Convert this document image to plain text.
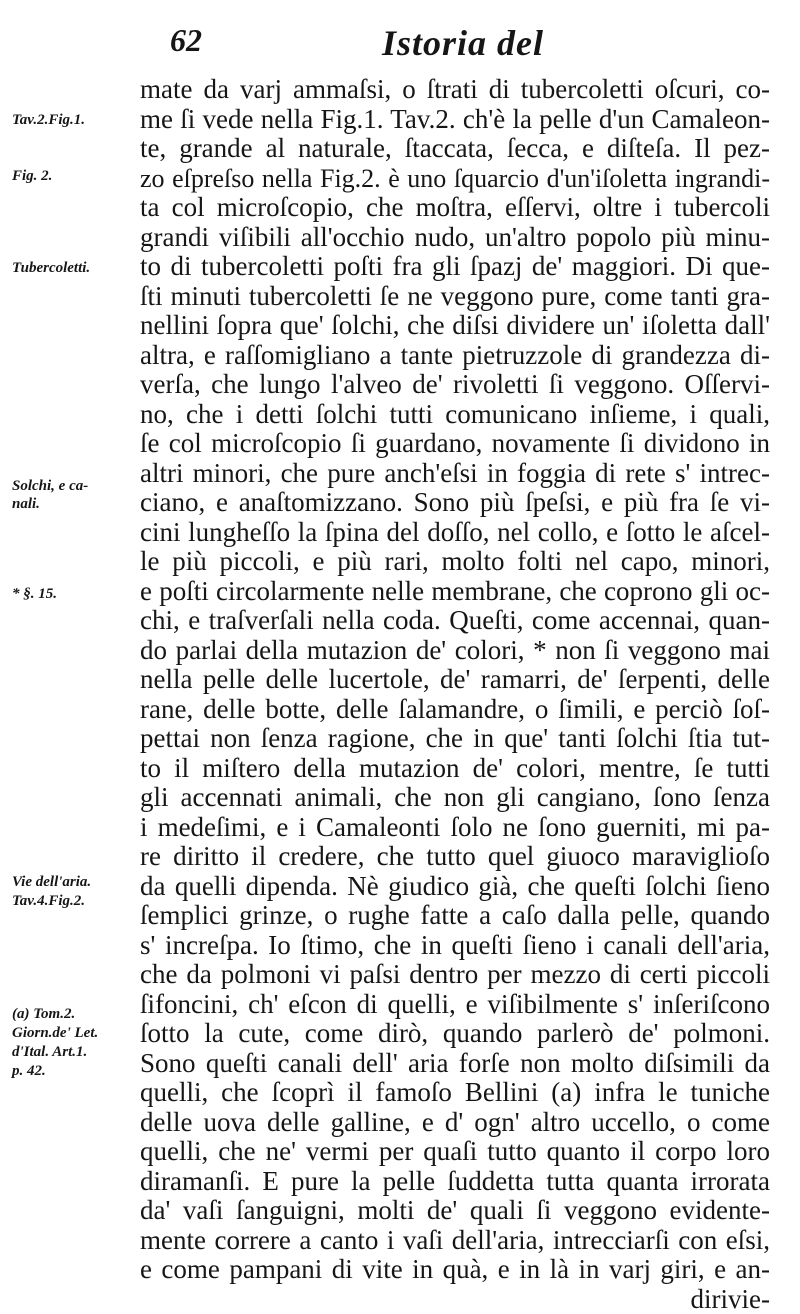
62	Istoria del
mate da varj ammaſsi, o ſtrati di tubercoletti oſcuri, co-
me ſi vede nella Fig.1. Tav.2. ch'è la pelle d'un Camaleon-
te, grande al naturale, ſtaccata, ſecca, e diſteſa. Il pez-
zo eſpreſso nella Fig.2. è uno ſquarcio d'un'iſoletta ingrandi-
ta col microſcopio, che moſtra, eſſervi, oltre i tubercoli
grandi viſibili all'occhio nudo, un'altro popolo più minu-
to di tubercoletti poſti fra gli ſpazj de' maggiori. Di que-
ſti minuti tubercoletti ſe ne veggono pure, come tanti gra-
nellini ſopra que' ſolchi, che diſsi dividere un' iſoletta dall'
altra, e raſſomigliano a tante pietruzzole di grandezza di-
verſa, che lungo l'alveo de' rivoletti ſi veggono. Oſſervi-
no, che i detti ſolchi tutti comunicano inſieme, i quali,
ſe col microſcopio ſi guardano, novamente ſi dividono in
altri minori, che pure anch'eſsi in foggia di rete s' intrec-
ciano, e anaſtomizzano. Sono più ſpeſsi, e più fra ſe vi-
cini lungheſſo la ſpina del doſſo, nel collo, e ſotto le aſcel-
le più piccoli, e più rari, molto folti nel capo, minori,
e poſti circolarmente nelle membrane, che coprono gli oc-
chi, e traſverſali nella coda. Queſti, come accennai, quan-
do parlai della mutazion de' colori, * non ſi veggono mai
nella pelle delle lucertole, de' ramarri, de' ſerpenti, delle
rane, delle botte, delle ſalamandre, o ſimili, e perciò ſoſ-
pettai non ſenza ragione, che in que' tanti ſolchi ſtia tut-
to il miſtero della mutazion de' colori, mentre, ſe tutti
gli accennati animali, che non gli cangiano, ſono ſenza
i medeſimi, e i Camaleonti ſolo ne ſono guerniti, mi pa-
re diritto il credere, che tutto quel giuoco maraviglioſo
da quelli dipenda. Nè giudico già, che queſti ſolchi ſieno
ſemplici grinze, o rughe fatte a caſo dalla pelle, quando
s' increſpa. Io ſtimo, che in queſti ſieno i canali dell'aria,
che da polmoni vi paſsi dentro per mezzo di certi piccoli
ſifoncini, ch' eſcon di quelli, e viſibilmente s' inſeriſcono
ſotto la cute, come dirò, quando parlerò de' polmoni.
Sono queſti canali dell' aria forſe non molto diſsimili da
quelli, che ſcoprì il famoſo Bellini (a) infra le tuniche
delle uova delle galline, e d' ogn' altro uccello, o come
quelli, che ne' vermi per quaſi tutto quanto il corpo loro
diramanſi. E pure la pelle ſuddetta tutta quanta irrorata
da' vaſi ſanguigni, molti de' quali ſi veggono evidente-
mente correre a canto i vaſi dell'aria, intrecciarſi con eſsi,
e come pampani di vite in quà, e in là in varj giri, e an-
dirivie-
Tav.2.Fig.1.
Fig. 2.
Tubercoletti.
Solchi, e ca-
nali.
* §. 15.
Vie dell'aria.
Tav.4.Fig.2.
(a) Tom.2.
Giorn.de' Let.
d'Ital. Art.1.
p. 42.
